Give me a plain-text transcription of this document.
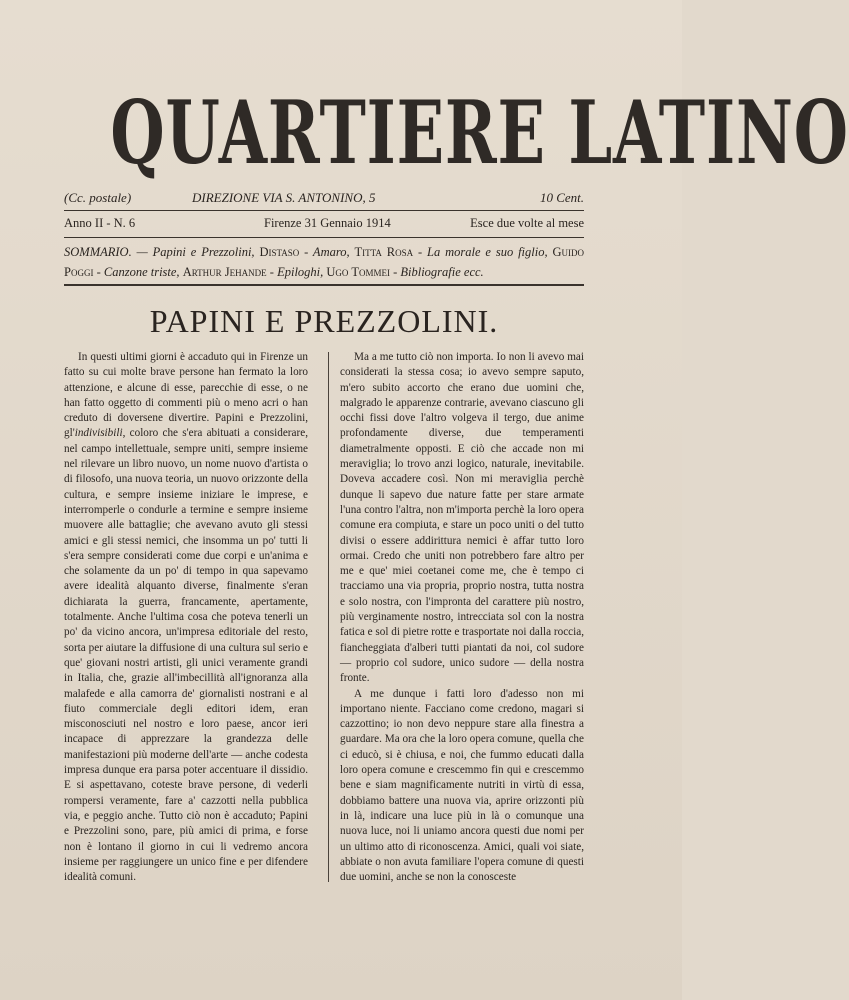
QUARTIERE LATINO
(Cc. postale)	DIREZIONE VIA S. ANTONINO, 5	10 Cent.
Anno II - N. 6	Firenze 31 Gennaio 1914	Esce due volte al mese
SOMMARIO. — Papini e Prezzolini, Distaso - Amaro, Titta Rosa - La morale e suo figlio, Guido Poggi - Canzone triste, Arthur Jehande - Epiloghi, Ugo Tommei - Bibliografie ecc.
PAPINI E PREZZOLINI.

In questi ultimi giorni è accaduto qui in Firenze un fatto su cui molte brave persone han fermato la loro attenzione, e alcune di esse, parecchie di esse, o ne han fatto oggetto di commenti più o meno acri o han creduto di doversene divertire. Papini e Prezzolini, gl'indivisibili, coloro che s'era abituati a considerare, nel campo intellettuale, sempre uniti, sempre insieme nel rilevare un libro nuovo, un nome nuovo d'artista o di filosofo, una nuova teoria, un nuovo orizzonte della cultura, e sempre insieme iniziare le imprese, e interromperle o condurle a termine e sempre insieme muovere alle battaglie; che avevano avuto gli stessi amici e gli stessi nemici, che insomma un po' tutti li s'era sempre considerati come due corpi e un'anima e che solamente da un po' di tempo in qua sapevamo avere idealità alquanto diverse, finalmente s'eran dichiarata la guerra, francamente, apertamente, totalmente. Anche l'ultima cosa che poteva tenerli un po' da vicino ancora, un'impresa editoriale del resto, sorta per aiutare la diffusione di una cultura sul serio e que' giovani nostri artisti, gli unici veramente grandi in Italia, che, grazie all'imbecillità all'ignoranza alla malafede e alla camorra de' giornalisti nostrani e al fiuto commerciale degli editori idem, eran misconosciuti nel nostro e loro paese, ancor ieri incapace di apprezzare la grandezza delle manifestazioni più moderne dell'arte — anche codesta impresa dunque era parsa poter accentuare il dissidio. E si aspettavano, coteste brave persone, di vederli rompersi veramente, fare a' cazzotti nella pubblica via, e peggio anche. Tutto ciò non è accaduto; Papini e Prezzolini sono, pare, più amici di prima, e forse non è lontano il giorno in cui li vedremo ancora insieme per raggiungere un unico fine e per difendere idealità comuni.

Ma a me tutto ciò non importa. Io non li avevo mai considerati la stessa cosa; io avevo sempre saputo, m'ero subito accorto che erano due uomini che, malgrado le apparenze contrarie, avevano ciascuno gli occhi fissi dove l'altro volgeva il tergo, due anime profondamente diverse, due temperamenti diametralmente opposti. E ciò che accade non mi meraviglia; lo trovo anzi logico, naturale, inevitabile. Doveva accadere così. Non mi meraviglia perchè dunque li sapevo due nature fatte per stare armate l'una contro l'altra, non m'importa perchè la loro opera comune era compiuta, e stare un poco uniti o del tutto divisi o essere addirittura nemici è affar tutto loro ormai. Credo che uniti non potrebbero fare altro per me e que' miei coetanei come me, che è tempo ci tracciamo una via propria, proprio nostra, tutta nostra e solo nostra, con l'impronta del carattere più nostro, più verginamente nostro, intrecciata sol con la nostra fatica e sol di pietre rotte e trasportate noi dalla roccia, fiancheggiata d'alberi tutti piantati da noi, col sudore — proprio col sudore, unico sudore — della nostra fronte.

A me dunque i fatti loro d'adesso non mi importano niente. Facciano come credono, magari si cazzottino; io non devo neppure stare alla finestra a guardare. Ma ora che la loro opera comune, quella che ci educò, si è chiusa, e noi, che fummo educati dalla loro opera comune e crescemmo fin qui e crescemmo bene e siam magnificamente nutriti in virtù di essa, dobbiamo battere una nuova via, aprire orizzonti più in là, indicare una luce più in là o comunque una nuova luce, noi li uniamo ancora questi due nomi per un ultimo atto di riconoscenza. Amici, quali voi siate, abbiate o non avuta familiare l'opera comune di questi due uomini, anche se non la conosceste
